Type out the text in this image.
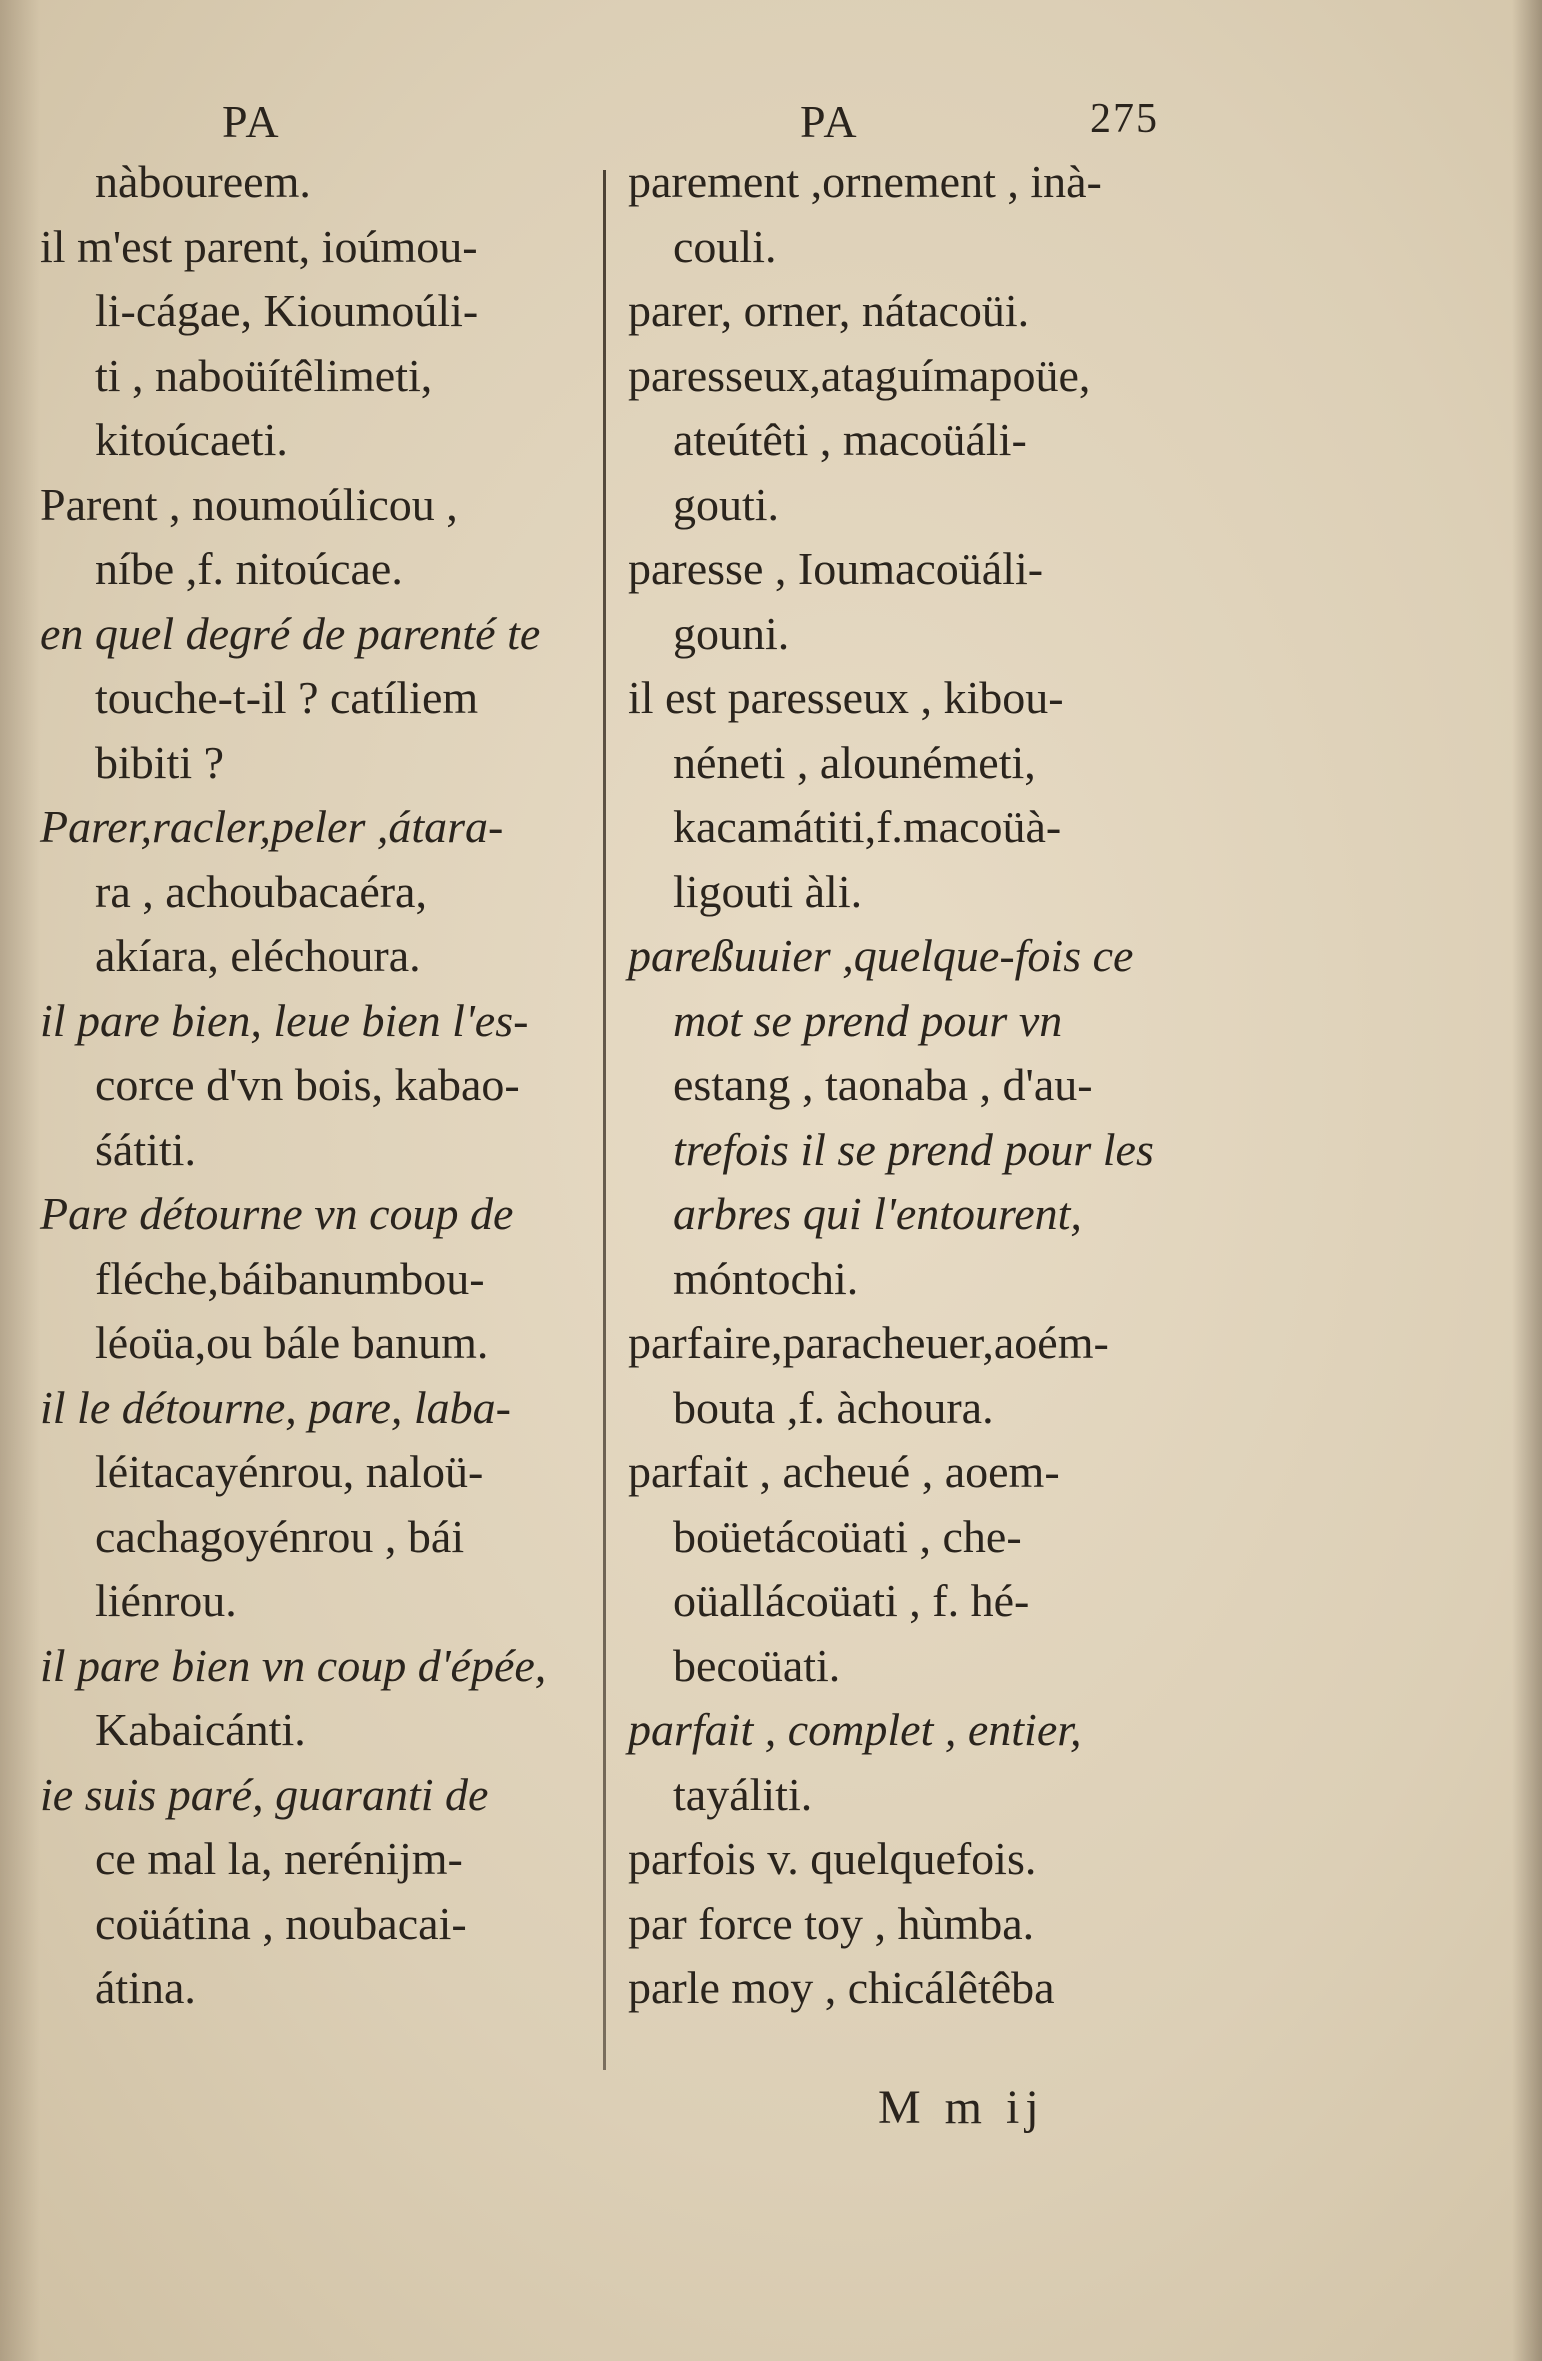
PA	PA	275
nàboureem.
il m'est parent, ioúmou-
li-cágae, Kioumoúli-
ti , naboüítêlimeti,
kitoúcaeti.
Parent , noumoúlicou ,
níbe ,f. nitoúcae.
en quel degré de parenté te
touche-t-il ? catíliem
bibiti ?
Parer,racler,peler ,átara-
ra , achoubacaéra,
akíara, eléchoura.
il pare bien, leue bien l'es-
corce d'vn bois, kabao-
śátiti.
Pare détourne vn coup de
fléche,báibanumbou-
léoüa,ou bále banum.
il le détourne, pare, laba-
léitacayénrou, naloü-
cachagoyénrou , bái
liénrou.
il pare bien vn coup d'épée,
Kabaicánti.
ie suis paré, guaranti de
ce mal la, nerénijm-
coüátina , noubacai-
átina.
parement ,ornement , inà-
couli.
parer, orner, nátacoüi.
paresseux,ataguímapoüe,
ateútêti , macoüáli-
gouti.
paresse , Ioumacoüáli-
gouni.
il est paresseux , kibou-
néneti , alounémeti,
kacamátiti,f.macoüà-
ligouti àli.
pareßuuier ,quelque-fois ce
mot se prend pour vn
estang , taonaba , d'au-
trefois il se prend pour les
arbres qui l'entourent,
móntochi.
parfaire,paracheuer,aoém-
bouta ,f. àchoura.
parfait , acheué , aoem-
boüetácoüati , che-
oüallácoüati , f. hé-
becoüati.
parfait , complet , entier,
tayáliti.
parfois v. quelquefois.
par force toy , hùmba.
parle moy , chicálêtêba
M m ij
